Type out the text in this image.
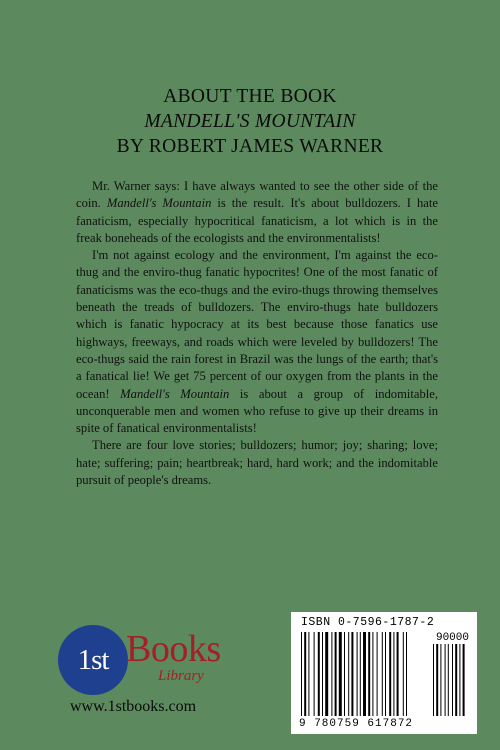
ABOUT THE BOOK
MANDELL'S MOUNTAIN
BY ROBERT JAMES WARNER

Mr. Warner says: I have always wanted to see the other side of the coin. Mandell's Mountain is the result. It's about bulldozers. I hate fanaticism, especially hypocritical fanaticism, a lot which is in the freak boneheads of the ecologists and the environmentalists!

I'm not against ecology and the environment, I'm against the eco-thug and the enviro-thug fanatic hypocrites! One of the most fanatic of fanaticisms was the eco-thugs and the eviro-thugs throwing themselves beneath the treads of bulldozers. The enviro-thugs hate bulldozers which is fanatic hypocracy at its best because those fanatics use highways, freeways, and roads which were leveled by bulldozers! The eco-thugs said the rain forest in Brazil was the lungs of the earth; that's a fanatical lie! We get 75 percent of our oxygen from the plants in the ocean! Mandell's Mountain is about a group of indomitable, unconquerable men and women who refuse to give up their dreams in spite of fanatical environmentalists!

There are four love stories; bulldozers; humor; joy; sharing; love; hate; suffering; pain; heartbreak; hard, hard work; and the indomitable pursuit of people's dreams.

1st Books
Library
www.1stbooks.com
ISBN 0-7596-1787-2
90000
9 780759 617872
